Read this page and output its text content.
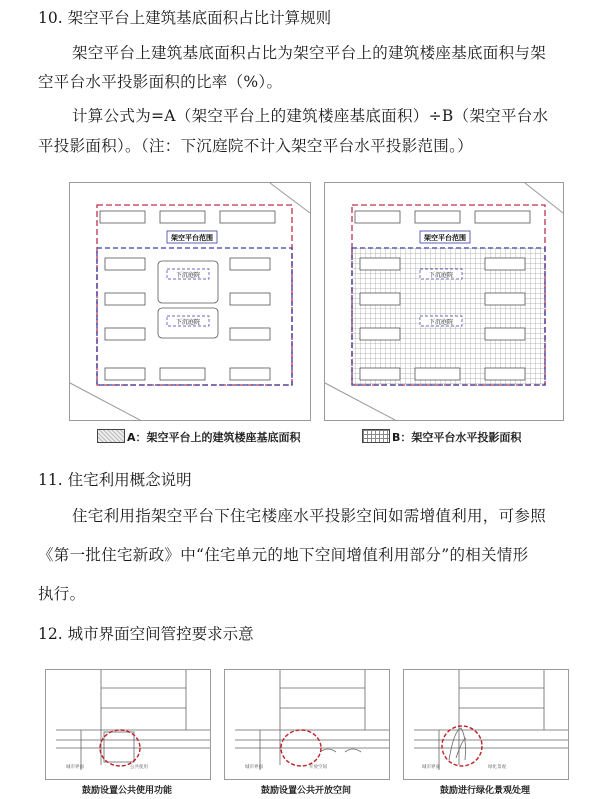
10. 架空平台上建筑基底面积占比计算规则
架空平台上建筑基底面积占比为架空平台上的建筑楼座基底面积与架
空平台水平投影面积的比率（%）。
计算公式为=A（架空平台上的建筑楼座基底面积）÷B（架空平台水
平投影面积）。（注：下沉庭院不计入架空平台水平投影范围。）
架空平台范围
下沉庭院
下沉庭院
架空平台范围
下沉庭院
下沉庭院
A：架空平台上的建筑楼座基底面积	B：架空平台水平投影面积
11. 住宅利用概念说明
住宅利用指架空平台下住宅楼座水平投影空间如需增值利用，可参照
《第一批住宅新政》中“住宅单元的地下空间增值利用部分”的相关情形
执行。
12. 城市界面空间管控要求示意
城市界面	公共使用	城市界面	开放空间	城市界面	绿化景观
鼓励设置公共使用功能	鼓励设置公共开放空间	鼓励进行绿化景观处理
